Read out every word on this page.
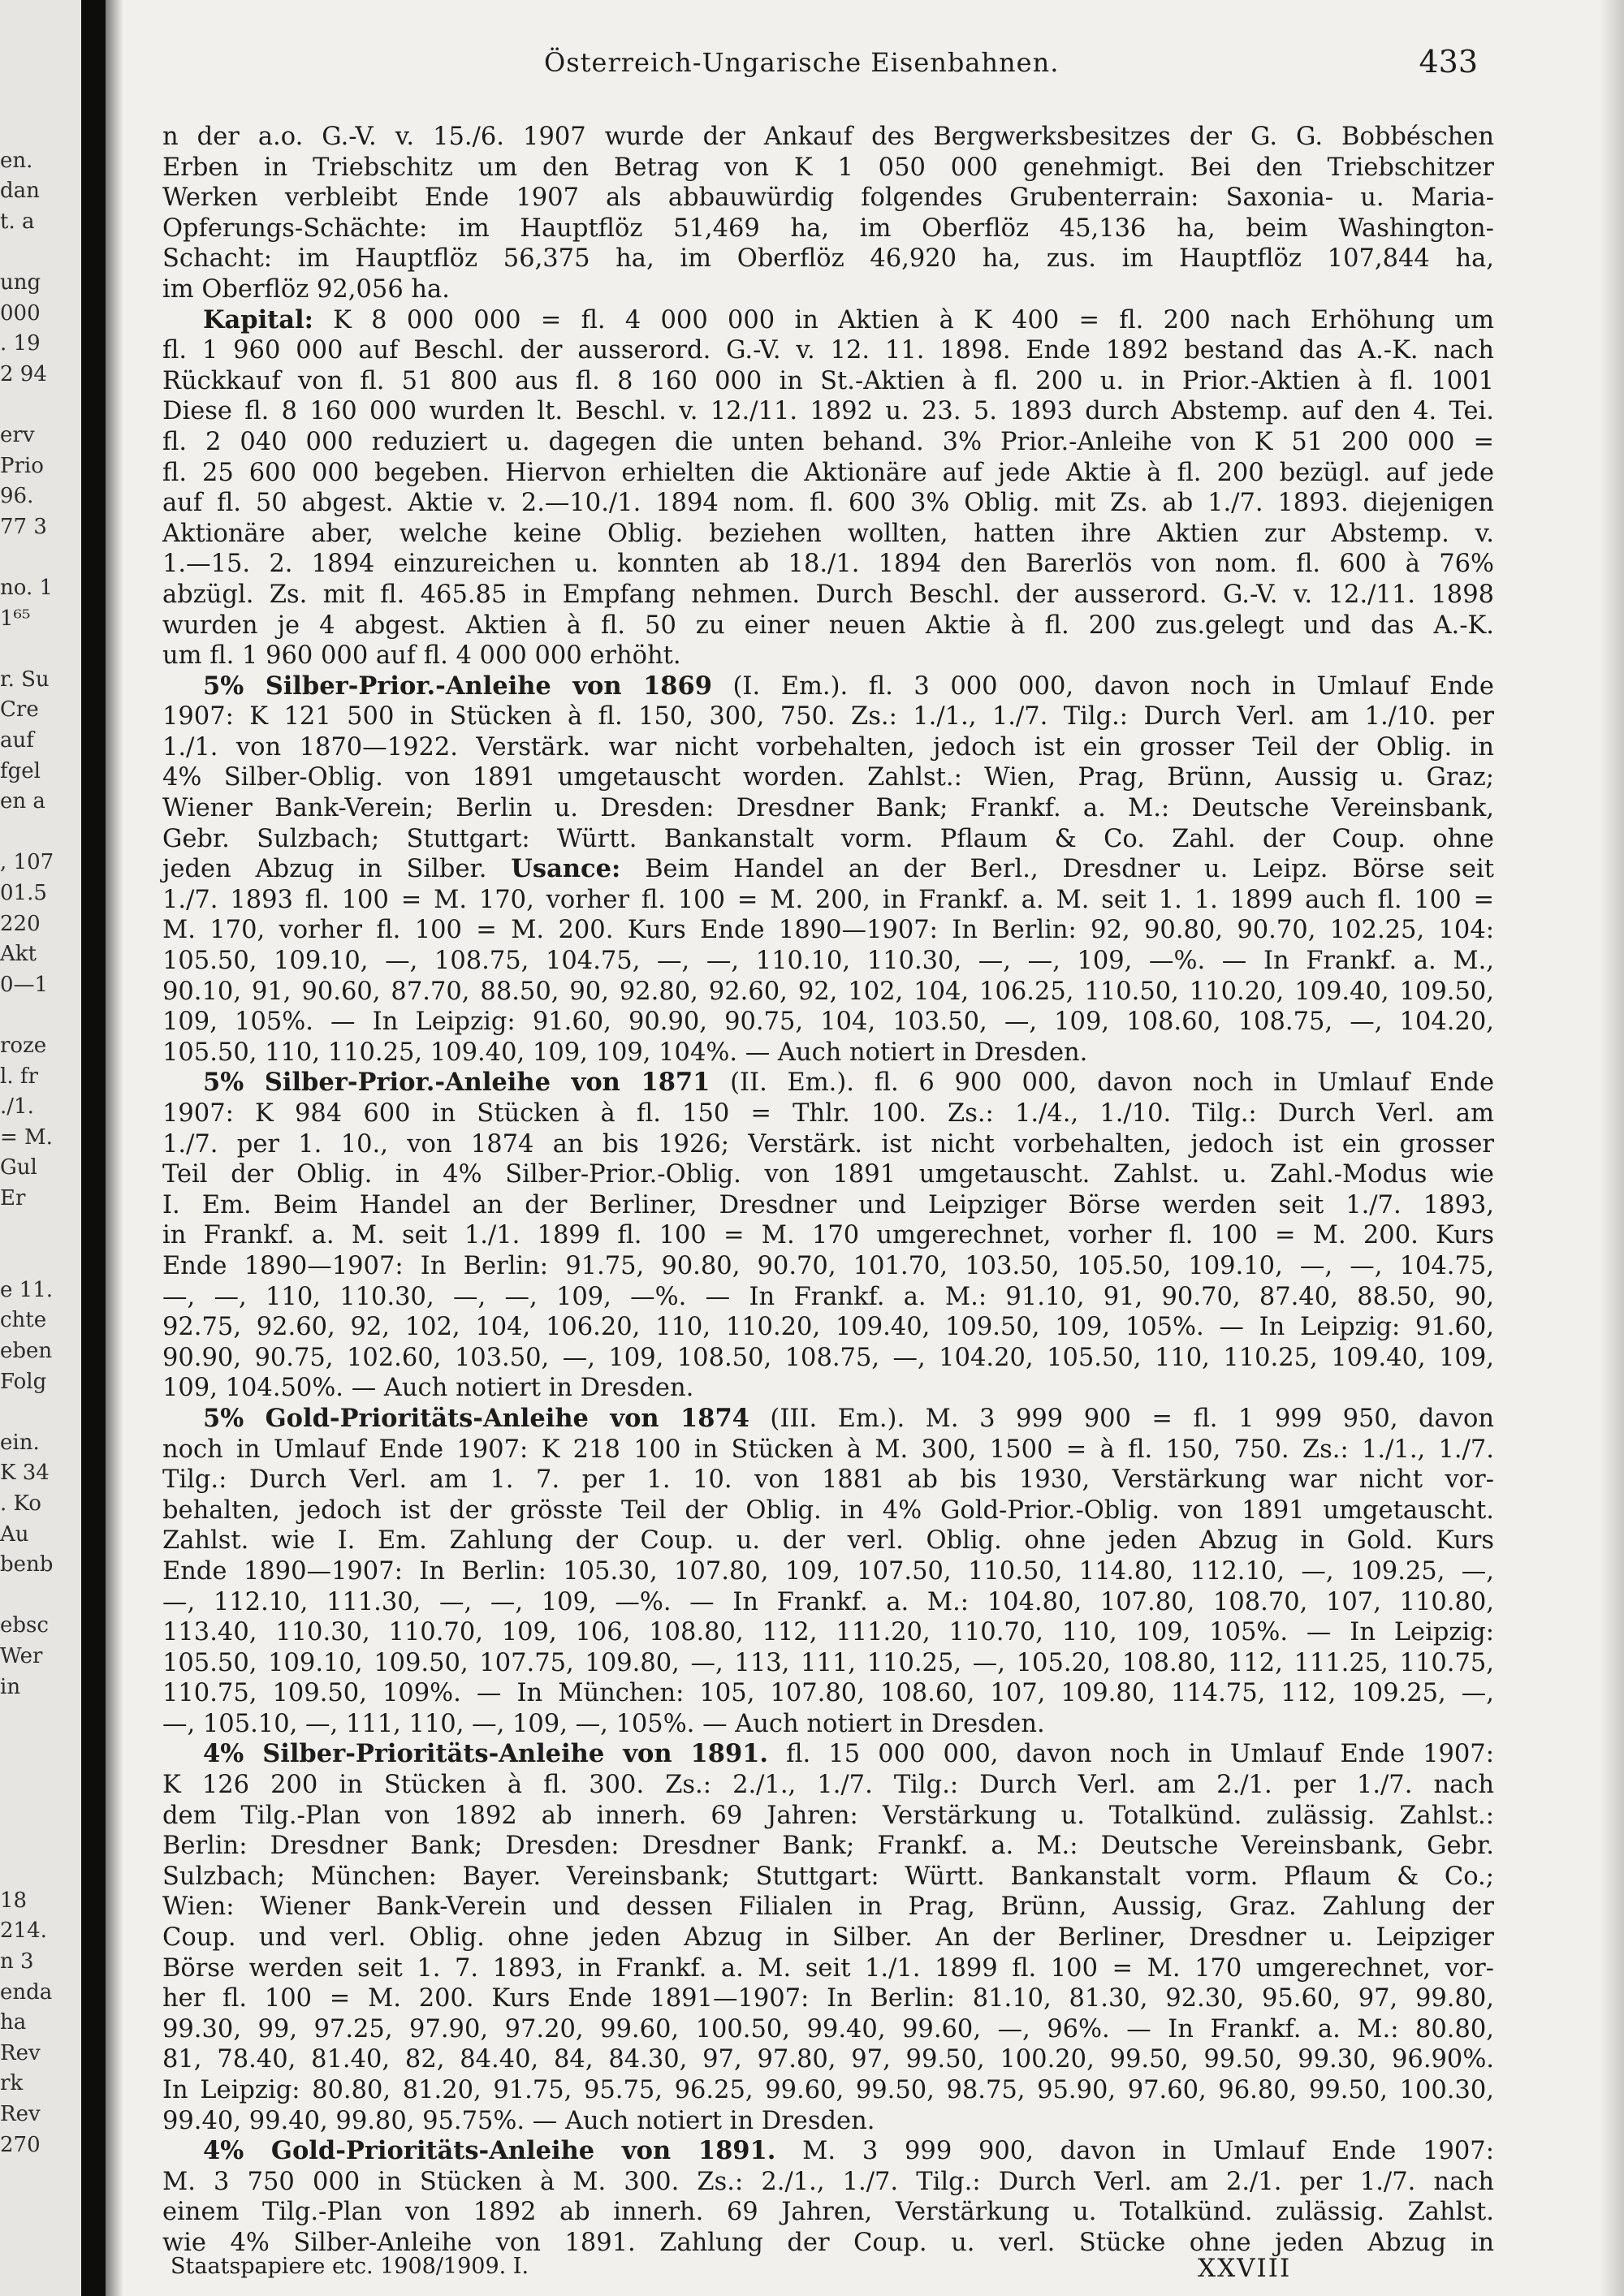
en.
dan
t. a
ung
000
. 19
2 94
erv
Prio
96.
77 3
no. 1
1⁶⁵
r. Su
Cre
auf
fgel
en a
, 107
01.5
220
Akt
0—1
roze
l. fr
./1.
= M.
Gul
Er
e 11.
chte
eben
Folg
ein.
K 34
. Ko
Au
benb
ebsc
Wer
in
18
214.
n 3
enda
ha
Rev
rk
Rev
270
Österreich-Ungarische Eisenbahnen.	433
n der a.o. G.-V. v. 15./6. 1907 wurde der Ankauf des Bergwerksbesitzes der G. G. Bobbéschen
Erben in Triebschitz um den Betrag von K 1 050 000 genehmigt. Bei den Triebschitzer
Werken verbleibt Ende 1907 als abbauwürdig folgendes Grubenterrain: Saxonia- u. Maria-
Opferungs-Schächte: im Hauptflöz 51,469 ha, im Oberflöz 45,136 ha, beim Washington-
Schacht: im Hauptflöz 56,375 ha, im Oberflöz 46,920 ha, zus. im Hauptflöz 107,844 ha,
im Oberflöz 92,056 ha.
Kapital: K 8 000 000 = fl. 4 000 000 in Aktien à K 400 = fl. 200 nach Erhöhung um
fl. 1 960 000 auf Beschl. der ausserord. G.-V. v. 12. 11. 1898. Ende 1892 bestand das A.-K. nach
Rückkauf von fl. 51 800 aus fl. 8 160 000 in St.-Aktien à fl. 200 u. in Prior.-Aktien à fl. 1001
Diese fl. 8 160 000 wurden lt. Beschl. v. 12./11. 1892 u. 23. 5. 1893 durch Abstemp. auf den 4. Tei.
fl. 2 040 000 reduziert u. dagegen die unten behand. 3% Prior.-Anleihe von K 51 200 000 =
fl. 25 600 000 begeben. Hiervon erhielten die Aktionäre auf jede Aktie à fl. 200 bezügl. auf jede
auf fl. 50 abgest. Aktie v. 2.—10./1. 1894 nom. fl. 600 3% Oblig. mit Zs. ab 1./7. 1893. diejenigen
Aktionäre aber, welche keine Oblig. beziehen wollten, hatten ihre Aktien zur Abstemp. v.
1.—15. 2. 1894 einzureichen u. konnten ab 18./1. 1894 den Barerlös von nom. fl. 600 à 76%
abzügl. Zs. mit fl. 465.85 in Empfang nehmen. Durch Beschl. der ausserord. G.-V. v. 12./11. 1898
wurden je 4 abgest. Aktien à fl. 50 zu einer neuen Aktie à fl. 200 zus.gelegt und das A.-K.
um fl. 1 960 000 auf fl. 4 000 000 erhöht.
5% Silber-Prior.-Anleihe von 1869 (I. Em.). fl. 3 000 000, davon noch in Umlauf Ende
1907: K 121 500 in Stücken à fl. 150, 300, 750. Zs.: 1./1., 1./7. Tilg.: Durch Verl. am 1./10. per
1./1. von 1870—1922. Verstärk. war nicht vorbehalten, jedoch ist ein grosser Teil der Oblig. in
4% Silber-Oblig. von 1891 umgetauscht worden. Zahlst.: Wien, Prag, Brünn, Aussig u. Graz;
Wiener Bank-Verein; Berlin u. Dresden: Dresdner Bank; Frankf. a. M.: Deutsche Vereinsbank,
Gebr. Sulzbach; Stuttgart: Württ. Bankanstalt vorm. Pflaum & Co. Zahl. der Coup. ohne
jeden Abzug in Silber. Usance: Beim Handel an der Berl., Dresdner u. Leipz. Börse seit
1./7. 1893 fl. 100 = M. 170, vorher fl. 100 = M. 200, in Frankf. a. M. seit 1. 1. 1899 auch fl. 100 =
M. 170, vorher fl. 100 = M. 200. Kurs Ende 1890—1907: In Berlin: 92, 90.80, 90.70, 102.25, 104:
105.50, 109.10, —, 108.75, 104.75, —, —, 110.10, 110.30, —, —, 109, —%. — In Frankf. a. M.,
90.10, 91, 90.60, 87.70, 88.50, 90, 92.80, 92.60, 92, 102, 104, 106.25, 110.50, 110.20, 109.40, 109.50,
109, 105%. — In Leipzig: 91.60, 90.90, 90.75, 104, 103.50, —, 109, 108.60, 108.75, —, 104.20,
105.50, 110, 110.25, 109.40, 109, 109, 104%. — Auch notiert in Dresden.
5% Silber-Prior.-Anleihe von 1871 (II. Em.). fl. 6 900 000, davon noch in Umlauf Ende
1907: K 984 600 in Stücken à fl. 150 = Thlr. 100. Zs.: 1./4., 1./10. Tilg.: Durch Verl. am
1./7. per 1. 10., von 1874 an bis 1926; Verstärk. ist nicht vorbehalten, jedoch ist ein grosser
Teil der Oblig. in 4% Silber-Prior.-Oblig. von 1891 umgetauscht. Zahlst. u. Zahl.-Modus wie
I. Em. Beim Handel an der Berliner, Dresdner und Leipziger Börse werden seit 1./7. 1893,
in Frankf. a. M. seit 1./1. 1899 fl. 100 = M. 170 umgerechnet, vorher fl. 100 = M. 200. Kurs
Ende 1890—1907: In Berlin: 91.75, 90.80, 90.70, 101.70, 103.50, 105.50, 109.10, —, —, 104.75,
—, —, 110, 110.30, —, —, 109, —%. — In Frankf. a. M.: 91.10, 91, 90.70, 87.40, 88.50, 90,
92.75, 92.60, 92, 102, 104, 106.20, 110, 110.20, 109.40, 109.50, 109, 105%. — In Leipzig: 91.60,
90.90, 90.75, 102.60, 103.50, —, 109, 108.50, 108.75, —, 104.20, 105.50, 110, 110.25, 109.40, 109,
109, 104.50%. — Auch notiert in Dresden.
5% Gold-Prioritäts-Anleihe von 1874 (III. Em.). M. 3 999 900 = fl. 1 999 950, davon
noch in Umlauf Ende 1907: K 218 100 in Stücken à M. 300, 1500 = à fl. 150, 750. Zs.: 1./1., 1./7.
Tilg.: Durch Verl. am 1. 7. per 1. 10. von 1881 ab bis 1930, Verstärkung war nicht vor-
behalten, jedoch ist der grösste Teil der Oblig. in 4% Gold-Prior.-Oblig. von 1891 umgetauscht.
Zahlst. wie I. Em. Zahlung der Coup. u. der verl. Oblig. ohne jeden Abzug in Gold. Kurs
Ende 1890—1907: In Berlin: 105.30, 107.80, 109, 107.50, 110.50, 114.80, 112.10, —, 109.25, —,
—, 112.10, 111.30, —, —, 109, —%. — In Frankf. a. M.: 104.80, 107.80, 108.70, 107, 110.80,
113.40, 110.30, 110.70, 109, 106, 108.80, 112, 111.20, 110.70, 110, 109, 105%. — In Leipzig:
105.50, 109.10, 109.50, 107.75, 109.80, —, 113, 111, 110.25, —, 105.20, 108.80, 112, 111.25, 110.75,
110.75, 109.50, 109%. — In München: 105, 107.80, 108.60, 107, 109.80, 114.75, 112, 109.25, —,
—, 105.10, —, 111, 110, —, 109, —, 105%. — Auch notiert in Dresden.
4% Silber-Prioritäts-Anleihe von 1891. fl. 15 000 000, davon noch in Umlauf Ende 1907:
K 126 200 in Stücken à fl. 300. Zs.: 2./1., 1./7. Tilg.: Durch Verl. am 2./1. per 1./7. nach
dem Tilg.-Plan von 1892 ab innerh. 69 Jahren: Verstärkung u. Totalkünd. zulässig. Zahlst.:
Berlin: Dresdner Bank; Dresden: Dresdner Bank; Frankf. a. M.: Deutsche Vereinsbank, Gebr.
Sulzbach; München: Bayer. Vereinsbank; Stuttgart: Württ. Bankanstalt vorm. Pflaum & Co.;
Wien: Wiener Bank-Verein und dessen Filialen in Prag, Brünn, Aussig, Graz. Zahlung der
Coup. und verl. Oblig. ohne jeden Abzug in Silber. An der Berliner, Dresdner u. Leipziger
Börse werden seit 1. 7. 1893, in Frankf. a. M. seit 1./1. 1899 fl. 100 = M. 170 umgerechnet, vor-
her fl. 100 = M. 200. Kurs Ende 1891—1907: In Berlin: 81.10, 81.30, 92.30, 95.60, 97, 99.80,
99.30, 99, 97.25, 97.90, 97.20, 99.60, 100.50, 99.40, 99.60, —, 96%. — In Frankf. a. M.: 80.80,
81, 78.40, 81.40, 82, 84.40, 84, 84.30, 97, 97.80, 97, 99.50, 100.20, 99.50, 99.50, 99.30, 96.90%.
In Leipzig: 80.80, 81.20, 91.75, 95.75, 96.25, 99.60, 99.50, 98.75, 95.90, 97.60, 96.80, 99.50, 100.30,
99.40, 99.40, 99.80, 95.75%. — Auch notiert in Dresden.
4% Gold-Prioritäts-Anleihe von 1891. M. 3 999 900, davon in Umlauf Ende 1907:
M. 3 750 000 in Stücken à M. 300. Zs.: 2./1., 1./7. Tilg.: Durch Verl. am 2./1. per 1./7. nach
einem Tilg.-Plan von 1892 ab innerh. 69 Jahren, Verstärkung u. Totalkünd. zulässig. Zahlst.
wie 4% Silber-Anleihe von 1891. Zahlung der Coup. u. verl. Stücke ohne jeden Abzug in
Staatspapiere etc. 1908/1909. I.	XXVIII
